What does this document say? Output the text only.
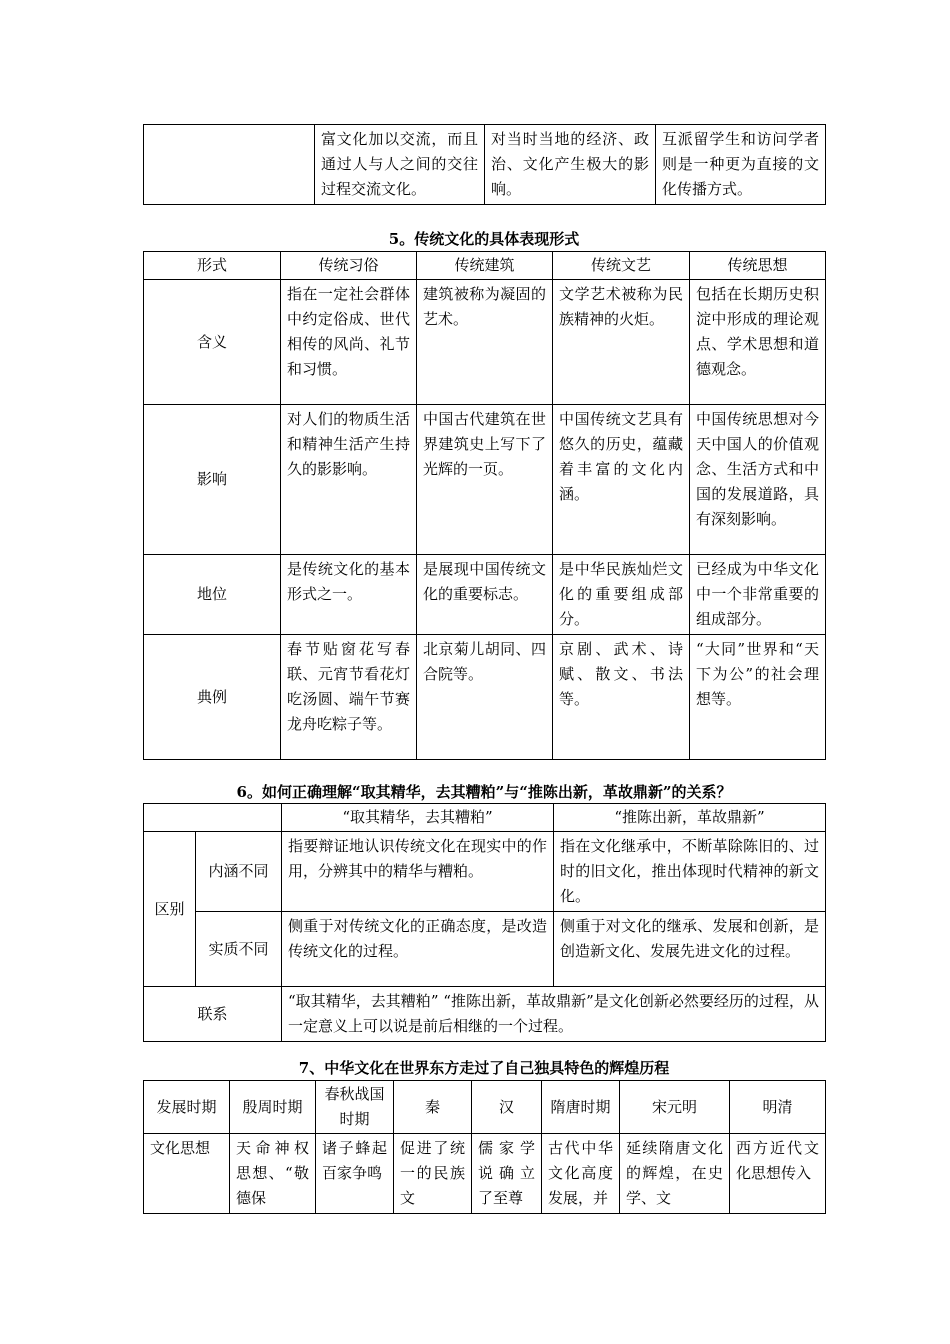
	富文化加以交流，而且通过人与人之间的交往过程交流文化。	对当时当地的经济、政治、文化产生极大的影响。	互派留学生和访问学者则是一种更为直接的文化传播方式。
5。传统文化的具体表现形式
形式	传统习俗	传统建筑	传统文艺	传统思想
含义	指在一定社会群体中约定俗成、世代相传的风尚、礼节和习惯。	建筑被称为凝固的艺术。	文学艺术被称为民族精神的火炬。	包括在长期历史积淀中形成的理论观点、学术思想和道德观念。
影响	对人们的物质生活和精神生活产生持久的影影响。	中国古代建筑在世界建筑史上写下了光辉的一页。	中国传统文艺具有悠久的历史，蕴藏着丰富的文化内涵。	中国传统思想对今天中国人的价值观念、生活方式和中国的发展道路，具有深刻影响。
地位	是传统文化的基本形式之一。	是展现中国传统文化的重要标志。	是中华民族灿烂文化的重要组成部分。	已经成为中华文化中一个非常重要的组成部分。
典例	春节贴窗花写春联、元宵节看花灯吃汤圆、端午节赛龙舟吃粽子等。	北京菊儿胡同、四合院等。	京剧、武术、诗赋、散文、书法等。	“大同”世界和“天下为公”的社会理想等。
6。如何正确理解“取其精华，去其糟粕”与“推陈出新，革故鼎新”的关系？
		“取其精华，去其糟粕”	“推陈出新，革故鼎新”
区别	内涵不同	指要辩证地认识传统文化在现实中的作用，分辨其中的精华与糟粕。	指在文化继承中，不断革除陈旧的、过时的旧文化，推出体现时代精神的新文化。
	实质不同	侧重于对传统文化的正确态度，是改造传统文化的过程。	侧重于对文化的继承、发展和创新，是创造新文化、发展先进文化的过程。
联系		“取其精华，去其糟粕” “推陈出新，革故鼎新”是文化创新必然要经历的过程，从一定意义上可以说是前后相继的一个过程。	
7、中华文化在世界东方走过了自己独具特色的辉煌历程
发展时期	殷周时期	春秋战国时期	秦	汉	隋唐时期	宋元明	明清
文化思想	天命神权思想、“敬德保	诸子蜂起百家争鸣	促进了统一的民族文	儒家学说确立了至尊	古代中华文化高度发展，并	延续隋唐文化的辉煌，在史学、文	西方近代文化思想传入
